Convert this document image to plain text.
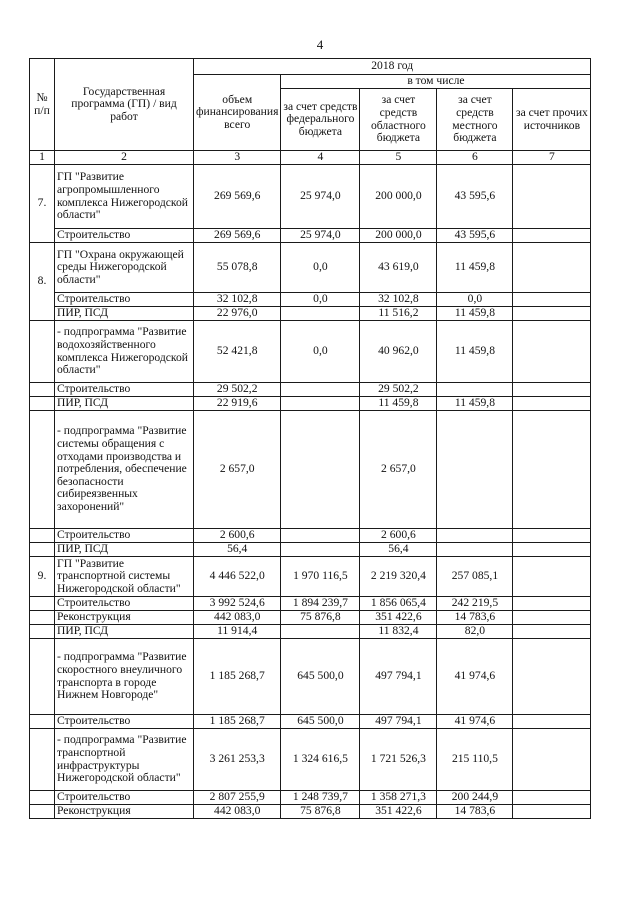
4
№ п/п	Государственная программа (ГП) / вид работ	2018 год				
		объем финансирования всего	в том числе			
			за счет средств федерального бюджета	за счет средств областного бюджета	за счет средств местного бюджета	за счет прочих источников
1	2	3	4	5	6	7
7.	ГП "Развитие агропромышленного комплекса Нижегородской области"	269 569,6	25 974,0	200 000,0	43 595,6	
	Строительство	269 569,6	25 974,0	200 000,0	43 595,6	
8.	ГП "Охрана окружающей среды Нижегородской области"	55 078,8	0,0	43 619,0	11 459,8	
	Строительство	32 102,8	0,0	32 102,8	0,0	
	ПИР, ПСД	22 976,0		11 516,2	11 459,8	
	- подпрограмма "Развитие водохозяйственного комплекса Нижегородской области"	52 421,8	0,0	40 962,0	11 459,8	
	Строительство	29 502,2		29 502,2		
	ПИР, ПСД	22 919,6		11 459,8	11 459,8	
	- подпрограмма "Развитие системы обращения с отходами производства и потребления, обеспечение безопасности сибиреязвенных захоронений"	2 657,0		2 657,0		
	Строительство	2 600,6		2 600,6		
	ПИР, ПСД	56,4		56,4		
9.	ГП "Развитие транспортной системы Нижегородской области"	4 446 522,0	1 970 116,5	2 219 320,4	257 085,1	
	Строительство	3 992 524,6	1 894 239,7	1 856 065,4	242 219,5	
	Реконструкция	442 083,0	75 876,8	351 422,6	14 783,6	
	ПИР, ПСД	11 914,4		11 832,4	82,0	
	- подпрограмма "Развитие скоростного внеуличного транспорта в городе Нижнем Новгороде"	1 185 268,7	645 500,0	497 794,1	41 974,6	
	Строительство	1 185 268,7	645 500,0	497 794,1	41 974,6	
	- подпрограмма "Развитие транспортной инфраструктуры Нижегородской области"	3 261 253,3	1 324 616,5	1 721 526,3	215 110,5	
	Строительство	2 807 255,9	1 248 739,7	1 358 271,3	200 244,9	
	Реконструкция	442 083,0	75 876,8	351 422,6	14 783,6	
